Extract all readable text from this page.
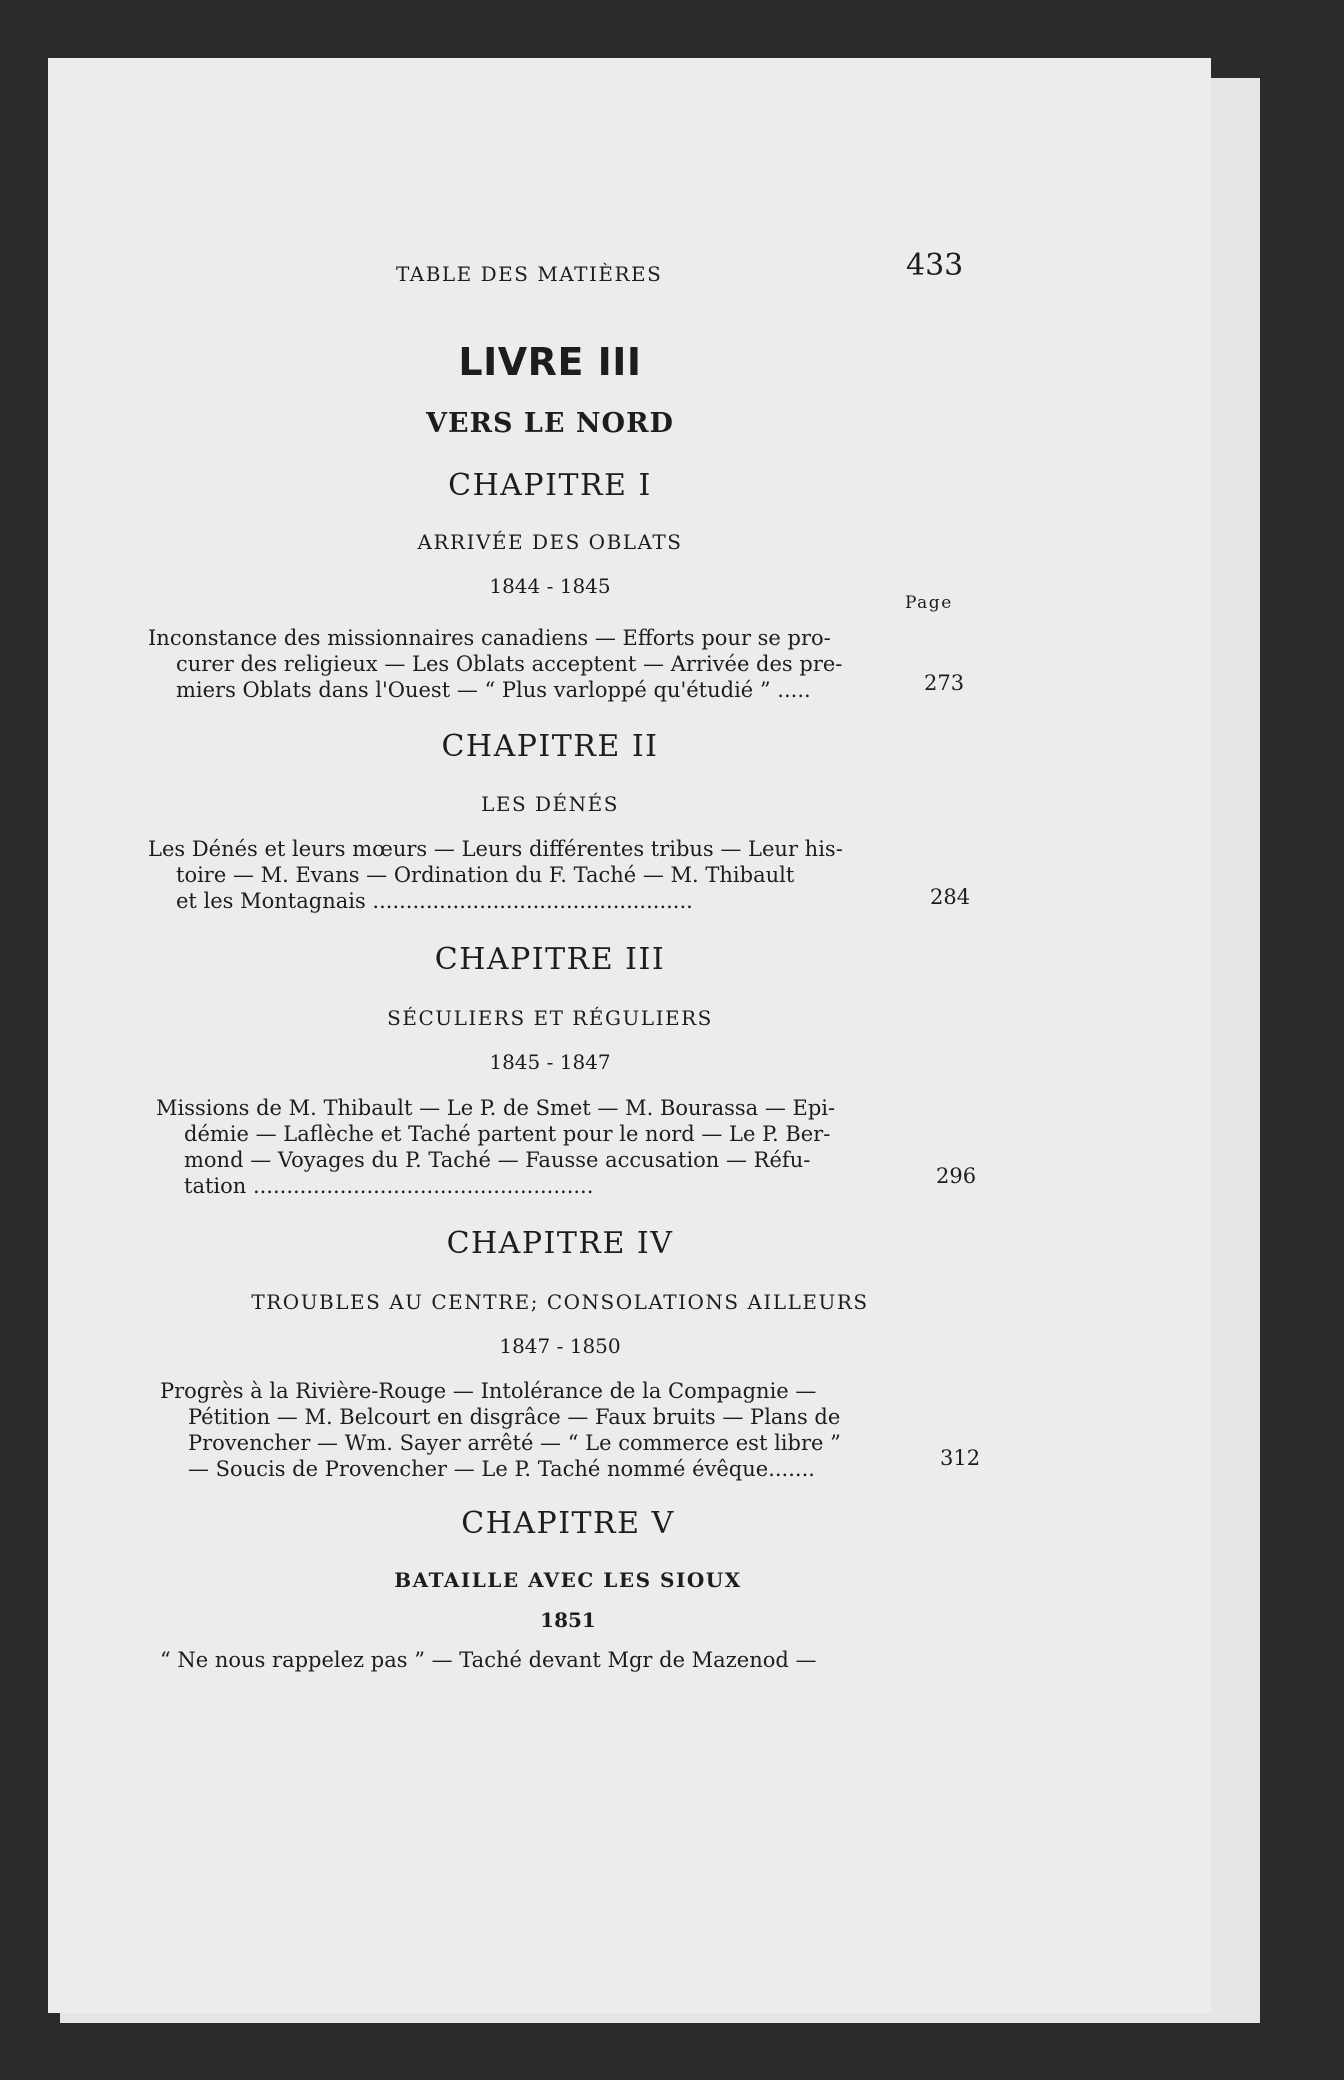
TABLE DES MATIÈRES	433
LIVRE III
VERS LE NORD
CHAPITRE I
ARRIVÉE DES OBLATS
1844 - 1845
Page
Inconstance des missionnaires canadiens — Efforts pour se pro-
curer des religieux — Les Oblats acceptent — Arrivée des pre-
miers Oblats dans l'Ouest — “ Plus varloppé qu'étudié ” .....	273
CHAPITRE II
LES DÉNÉS
Les Dénés et leurs mœurs — Leurs différentes tribus — Leur his-
toire — M. Evans — Ordination du F. Taché — M. Thibault
et les Montagnais ................................................	284
CHAPITRE III
SÉCULIERS ET RÉGULIERS
1845 - 1847
Missions de M. Thibault — Le P. de Smet — M. Bourassa — Epi-
démie — Laflèche et Taché partent pour le nord — Le P. Ber-
mond — Voyages du P. Taché — Fausse accusation — Réfu-
tation ...................................................	296
CHAPITRE IV
TROUBLES AU CENTRE; CONSOLATIONS AILLEURS
1847 - 1850
Progrès à la Rivière-Rouge — Intolérance de la Compagnie —
Pétition — M. Belcourt en disgrâce — Faux bruits — Plans de
Provencher — Wm. Sayer arrêté — “ Le commerce est libre ”
— Soucis de Provencher — Le P. Taché nommé évêque.......	312
CHAPITRE V
BATAILLE AVEC LES SIOUX
1851
“ Ne nous rappelez pas ” — Taché devant Mgr de Mazenod —
